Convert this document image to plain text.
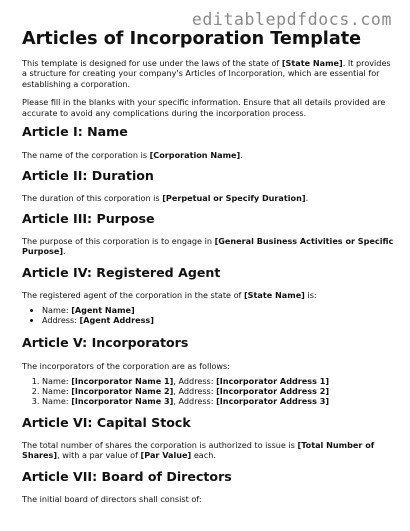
editablepdfdocs.com
Articles of Incorporation Template

This template is designed for use under the laws of the state of [State Name]. It provides a structure for creating your company's Articles of Incorporation, which are essential for establishing a corporation.

Please fill in the blanks with your specific information. Ensure that all details provided are accurate to avoid any complications during the incorporation process.

Article I: Name

The name of the corporation is [Corporation Name].

Article II: Duration

The duration of this corporation is [Perpetual or Specify Duration].

Article III: Purpose

The purpose of this corporation is to engage in [General Business Activities or Specific Purpose].

Article IV: Registered Agent

The registered agent of the corporation in the state of [State Name] is:

• Name: [Agent Name]
• Address: [Agent Address]
Article V: Incorporators

The incorporators of the corporation are as follows:

1. Name: [Incorporator Name 1], Address: [Incorporator Address 1]
2. Name: [Incorporator Name 2], Address: [Incorporator Address 2]
3. Name: [Incorporator Name 3], Address: [Incorporator Address 3]
Article VI: Capital Stock

The total number of shares the corporation is authorized to issue is [Total Number of Shares], with a par value of [Par Value] each.

Article VII: Board of Directors

The initial board of directors shall consist of:
